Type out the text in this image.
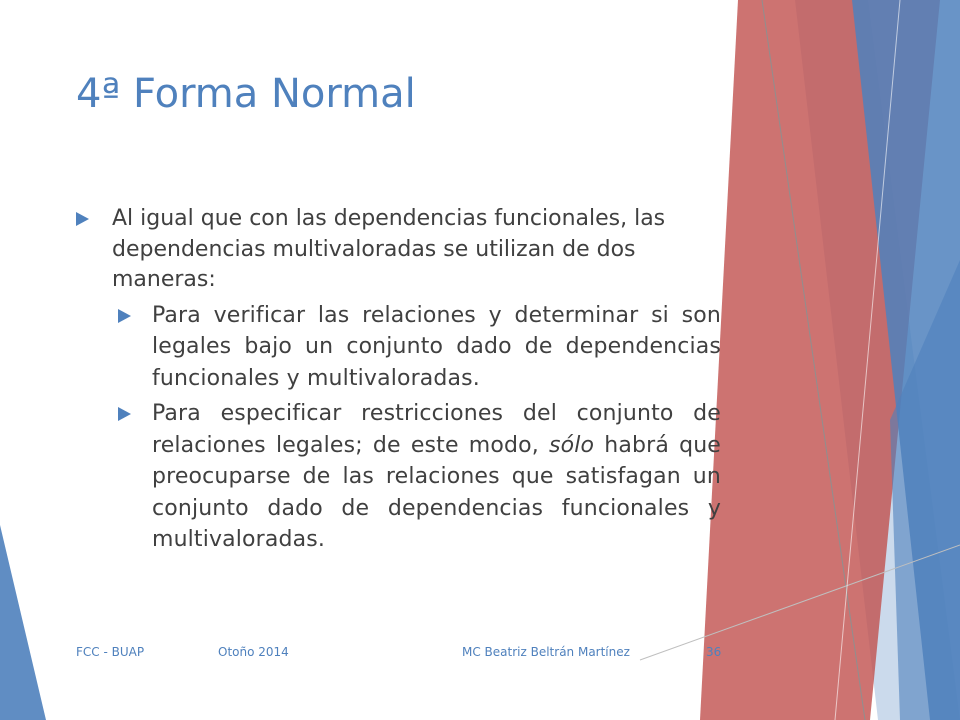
4ª Forma Normal
Al igual que con las dependencias funcionales, las dependencias multivaloradas se utilizan de dos maneras:
Para verificar las relaciones y determinar si son legales bajo un conjunto dado de dependencias funcionales y multivaloradas.
Para especificar restricciones del conjunto de relaciones legales; de este modo, sólo habrá que preocuparse de las relaciones que satisfagan un conjunto dado de dependencias funcionales y multivaloradas.
FCC - BUAP	Otoño 2014	MC Beatriz Beltrán Martínez	36
